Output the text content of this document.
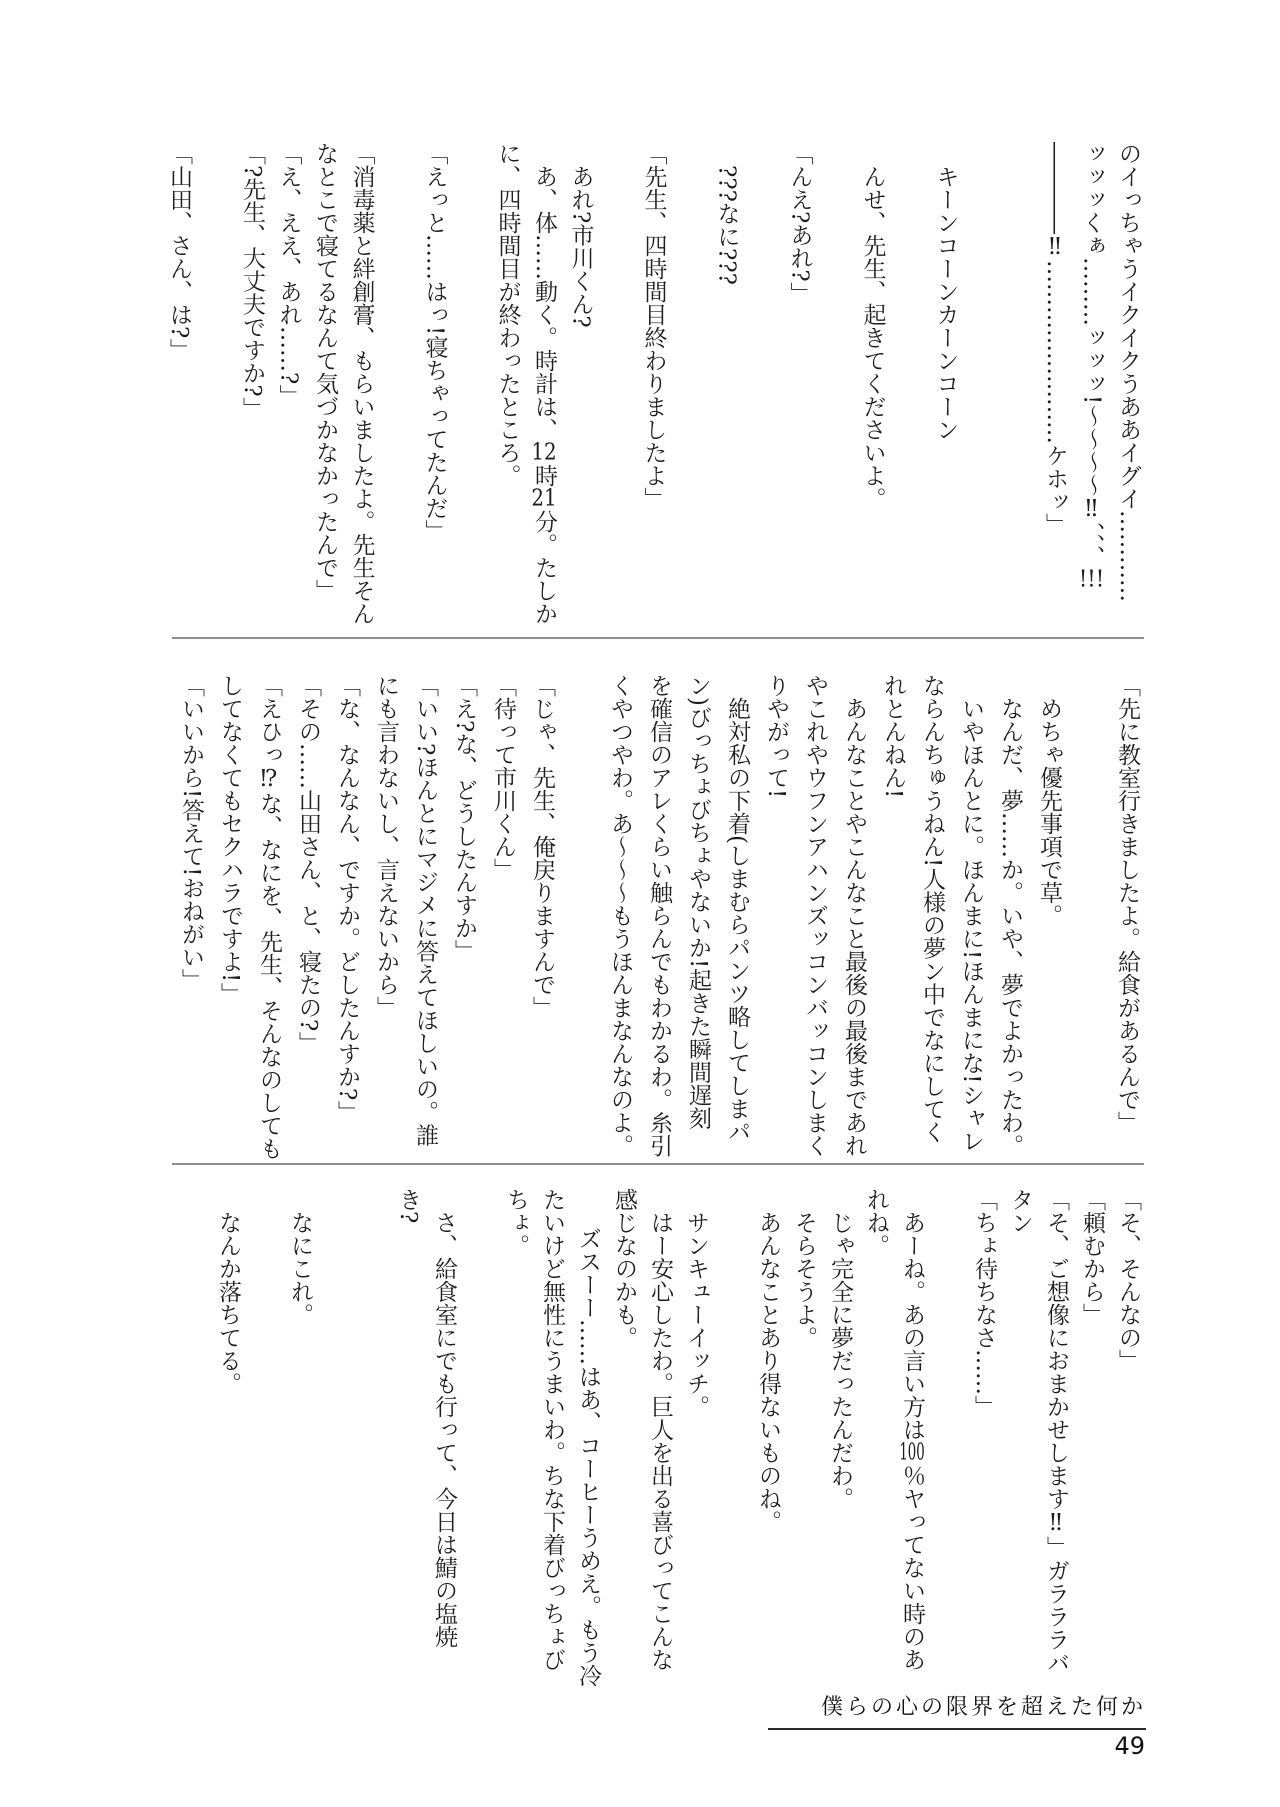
のイっちゃうイクイクうああイグイ…………

ッッッくぁ………ッッッ!〜〜〜〜‼、、、!!!

――――‼……………………ケホッ」

キーンコーンカーンコーン

んせ、先生、起きてくださいよ。

「んえ?あれ?」

???なに???

「先生、四時間目終わりましたよ」

あれ?市川くん?

あ、体……動く。時計は、12時21分。たしか

に、四時間目が終わったところ。

「えっと……はっ!寝ちゃってたんだ」

「消毒薬と絆創膏、もらいましたよ。先生そん

なとこで寝てるなんて気づかなかったんで」

「え、ええ、あれ……?」

「?先生、大丈夫ですか?」

「山田、さん、は?」

「先に教室行きましたよ。給食があるんで」

めちゃ優先事項で草。

なんだ、夢……か。いや、夢でよかったわ。

いやほんとに。ほんまに!ほんまにな!シャレ

ならんちゅうねん!人様の夢ン中でなにしてく

れとんねん!

あんなことやこんなこと最後の最後まであれ

やこれやウフンアハンズッコンバッコンしまく

りやがって!

絶対私の下着(しまむらパンツ略してしまパ

ン)びっちょびちょやないか!起きた瞬間遅刻

を確信のアレくらい触らんでもわかるわ。糸引

くやつやわ。あ〜〜〜もうほんまなんなのよ。

「じゃ、先生、俺戻りますんで」

「待って市川くん」

「え?な、どうしたんすか」

「いい?ほんとにマジメに答えてほしいの。誰

にも言わないし、言えないから」

「な、なんなん、ですか。どしたんすか?」

「その……山田さん、と、寝たの?」

「えひっ⁉な、なにを、先生、そんなのしても

してなくてもセクハラですよ!」

「いいから!答えて!おねがい」

「そ、そんなの」

「頼むから」

「そ、ご想像におまかせします‼」ガラララバ

タン

「ちょ待ちなさ……」

あーね。あの言い方は100％ヤってない時のあ

れね。

じゃ完全に夢だったんだわ。

そらそうよ。

あんなことあり得ないものね。

サンキューイッチ。

はー安心したわ。巨人を出る喜びってこんな

感じなのかも。

ズスーー……はあ、コーヒーうめえ。もう冷

たいけど無性にうまいわ。ちな下着びっちょび

ちょ。

さ、給食室にでも行って、今日は鯖の塩焼

き?

なにこれ。

なんか落ちてる。

僕らの心の限界を超えた何か
49
